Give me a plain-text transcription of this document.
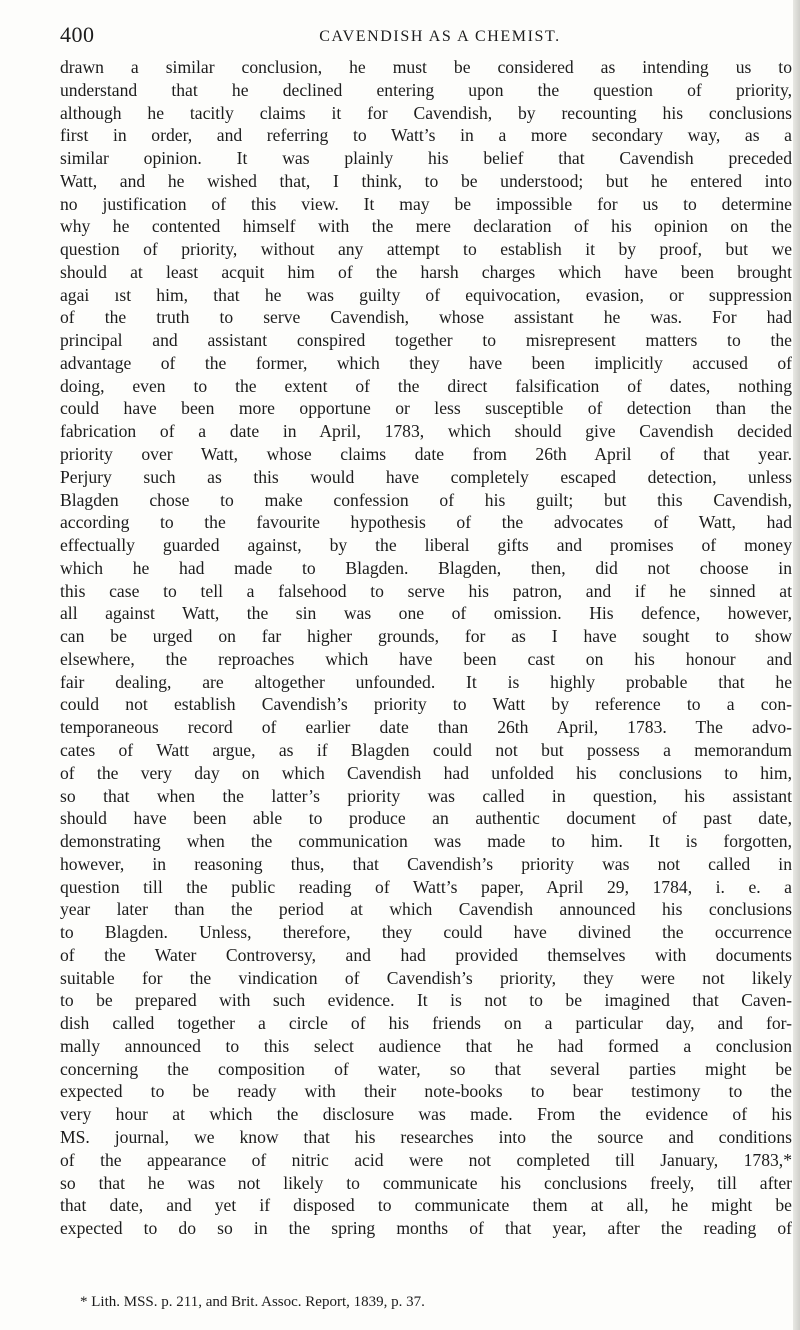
400	CAVENDISH AS A CHEMIST.
drawn a similar conclusion, he must be considered as intending us to
understand that he declined entering upon the question of priority,
although he tacitly claims it for Cavendish, by recounting his conclusions
first in order, and referring to Watt’s in a more secondary way, as a
similar opinion. It was plainly his belief that Cavendish preceded
Watt, and he wished that, I think, to be understood; but he entered into
no justification of this view. It may be impossible for us to determine
why he contented himself with the mere declaration of his opinion on the
question of priority, without any attempt to establish it by proof, but we
should at least acquit him of the harsh charges which have been brought
agai ıst him, that he was guilty of equivocation, evasion, or suppression
of the truth to serve Cavendish, whose assistant he was. For had
principal and assistant conspired together to misrepresent matters to the
advantage of the former, which they have been implicitly accused of
doing, even to the extent of the direct falsification of dates, nothing
could have been more opportune or less susceptible of detection than the
fabrication of a date in April, 1783, which should give Cavendish decided
priority over Watt, whose claims date from 26th April of that year.
Perjury such as this would have completely escaped detection, unless
Blagden chose to make confession of his guilt; but this Cavendish,
according to the favourite hypothesis of the advocates of Watt, had
effectually guarded against, by the liberal gifts and promises of money
which he had made to Blagden. Blagden, then, did not choose in
this case to tell a falsehood to serve his patron, and if he sinned at
all against Watt, the sin was one of omission. His defence, however,
can be urged on far higher grounds, for as I have sought to show
elsewhere, the reproaches which have been cast on his honour and
fair dealing, are altogether unfounded. It is highly probable that he
could not establish Cavendish’s priority to Watt by reference to a con-
temporaneous record of earlier date than 26th April, 1783. The advo-
cates of Watt argue, as if Blagden could not but possess a memorandum
of the very day on which Cavendish had unfolded his conclusions to him,
so that when the latter’s priority was called in question, his assistant
should have been able to produce an authentic document of past date,
demonstrating when the communication was made to him. It is forgotten,
however, in reasoning thus, that Cavendish’s priority was not called in
question till the public reading of Watt’s paper, April 29, 1784, i. e. a
year later than the period at which Cavendish announced his conclusions
to Blagden. Unless, therefore, they could have divined the occurrence
of the Water Controversy, and had provided themselves with documents
suitable for the vindication of Cavendish’s priority, they were not likely
to be prepared with such evidence. It is not to be imagined that Caven-
dish called together a circle of his friends on a particular day, and for-
mally announced to this select audience that he had formed a conclusion
concerning the composition of water, so that several parties might be
expected to be ready with their note-books to bear testimony to the
very hour at which the disclosure was made. From the evidence of his
MS. journal, we know that his researches into the source and conditions
of the appearance of nitric acid were not completed till January, 1783,*
so that he was not likely to communicate his conclusions freely, till after
that date, and yet if disposed to communicate them at all, he might be
expected to do so in the spring months of that year, after the reading of
* Lith. MSS. p. 211, and Brit. Assoc. Report, 1839, p. 37.
